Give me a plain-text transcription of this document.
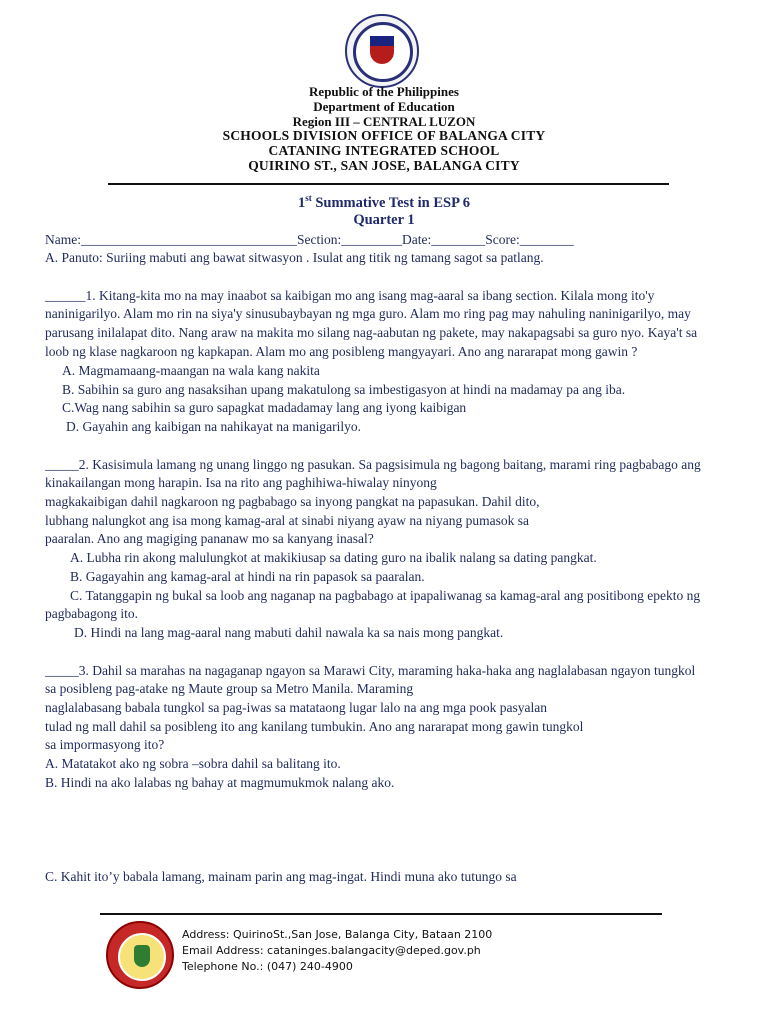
Republic of the Philippines
Department of Education
Region III – CENTRAL LUZON
SCHOOLS DIVISION OFFICE OF BALANGA CITY
CATANING INTEGRATED SCHOOL
QUIRINO ST., SAN JOSE, BALANGA CITY
1st Summative Test in ESP 6
Quarter 1
Name:________________________________Section:_________Date:________Score:________
A. Panuto: Suriing mabuti ang bawat sitwasyon . Isulat ang titik ng tamang sagot sa patlang.
______1. Kitang-kita mo na may inaabot sa kaibigan mo ang isang mag-aaral sa ibang section. Kilala mong ito'y
naninigarilyo. Alam mo rin na siya'y sinusubaybayan ng mga guro. Alam mo ring pag may nahuling naninigarilyo, may
parusang inilalapat dito. Nang araw na makita mo silang nag-aabutan ng pakete, may nakapagsabi sa guro nyo. Kaya't sa
loob ng klase nagkaroon ng kapkapan. Alam mo ang posibleng mangyayari. Ano ang nararapat mong gawin ?
A. Magmamaang-maangan na wala kang nakita
B. Sabihin sa guro ang nasaksihan upang makatulong sa imbestigasyon at hindi na madamay pa ang iba.
C.Wag nang sabihin sa guro sapagkat madadamay lang ang iyong kaibigan
D. Gayahin ang kaibigan na nahikayat na manigarilyo.
_____2. Kasisimula lamang ng unang linggo ng pasukan. Sa pagsisimula ng bagong baitang, marami ring pagbabago ang
kinakailangan mong harapin. Isa na rito ang paghihiwa-hiwalay ninyong
magkakaibigan dahil nagkaroon ng pagbabago sa inyong pangkat na papasukan. Dahil dito,
lubhang nalungkot ang isa mong kamag-aral at sinabi niyang ayaw na niyang pumasok sa
paaralan. Ano ang magiging pananaw mo sa kanyang inasal?
A. Lubha rin akong malulungkot at makikiusap sa dating guro na ibalik nalang sa dating pangkat.
B. Gagayahin ang kamag-aral at hindi na rin papasok sa paaralan.
C. Tatanggapin ng bukal sa loob ang naganap na pagbabago at ipapaliwanag sa kamag-aral ang positibong epekto ng
pagbabagong ito.
D. Hindi na lang mag-aaral nang mabuti dahil nawala ka sa nais mong pangkat.
_____3. Dahil sa marahas na nagaganap ngayon sa Marawi City, maraming haka-haka ang naglalabasan ngayon tungkol
sa posibleng pag-atake ng Maute group sa Metro Manila. Maraming
naglalabasang babala tungkol sa pag-iwas sa matataong lugar lalo na ang mga pook pasyalan
tulad ng mall dahil sa posibleng ito ang kanilang tumbukin. Ano ang nararapat mong gawin tungkol
sa impormasyong ito?
A. Matatakot ako ng sobra –sobra dahil sa balitang ito.
B. Hindi na ako lalabas ng bahay at magmumukmok nalang ako.
C. Kahit ito’y babala lamang, mainam parin ang mag-ingat. Hindi muna ako tutungo sa
Address: QuirinoSt.,San Jose, Balanga City, Bataan 2100
Email Address: cataninges.balangacity@deped.gov.ph
Telephone No.: (047) 240-4900
